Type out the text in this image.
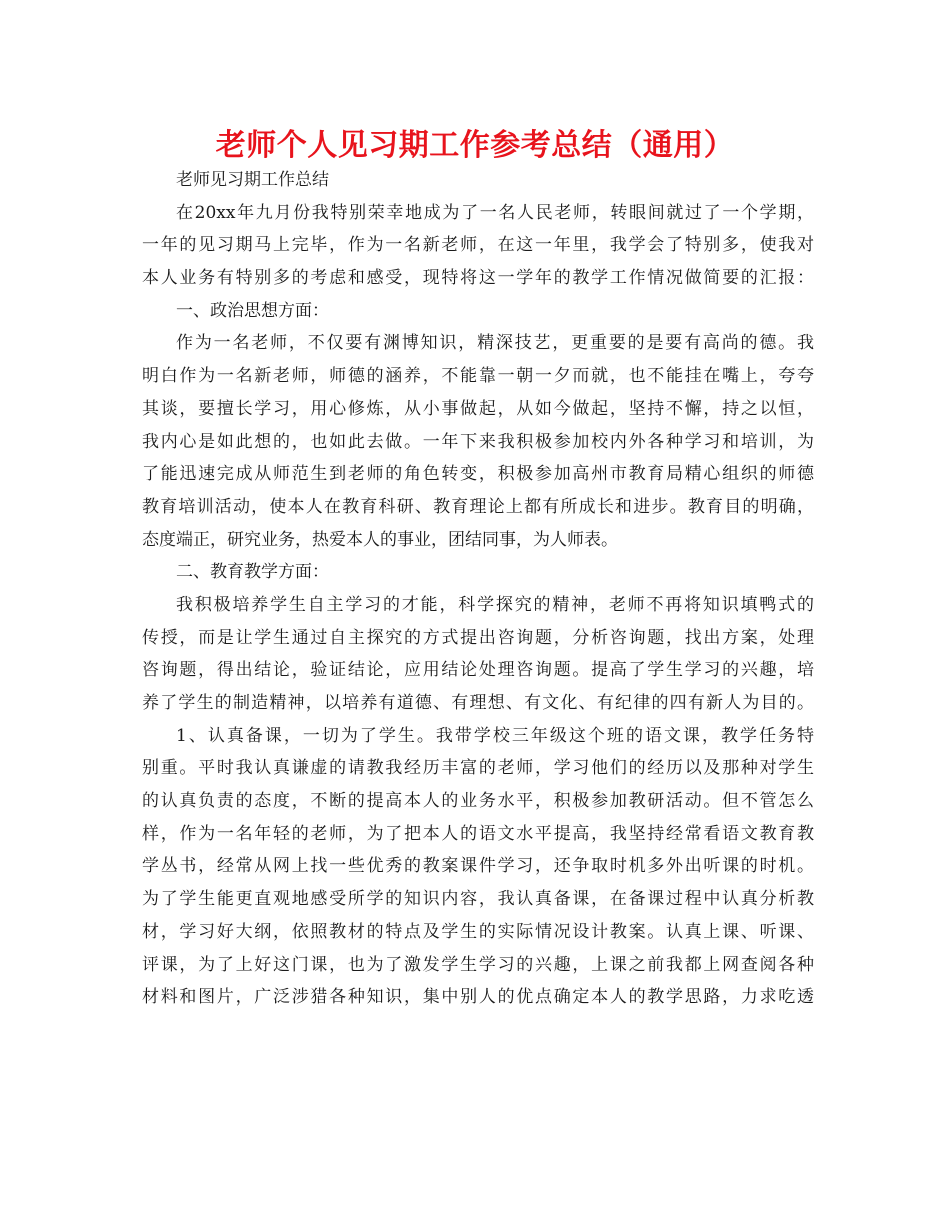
老师个人见习期工作参考总结（通用）
老师见习期工作总结
在20xx年九月份我特别荣幸地成为了一名人民老师，转眼间就过了一个学期，
一年的见习期马上完毕，作为一名新老师，在这一年里，我学会了特别多，使我对
本人业务有特别多的考虑和感受，现特将这一学年的教学工作情况做简要的汇报：
一、政治思想方面：
作为一名老师，不仅要有渊博知识，精深技艺，更重要的是要有高尚的德。我
明白作为一名新老师，师德的涵养，不能靠一朝一夕而就，也不能挂在嘴上，夸夸
其谈，要擅长学习，用心修炼，从小事做起，从如今做起，坚持不懈，持之以恒，
我内心是如此想的，也如此去做。一年下来我积极参加校内外各种学习和培训，为
了能迅速完成从师范生到老师的角色转变，积极参加高州市教育局精心组织的师德
教育培训活动，使本人在教育科研、教育理论上都有所成长和进步。教育目的明确，
态度端正，研究业务，热爱本人的事业，团结同事，为人师表。
二、教育教学方面：
我积极培养学生自主学习的才能，科学探究的精神，老师不再将知识填鸭式的
传授，而是让学生通过自主探究的方式提出咨询题，分析咨询题，找出方案，处理
咨询题，得出结论，验证结论，应用结论处理咨询题。提高了学生学习的兴趣，培
养了学生的制造精神，以培养有道德、有理想、有文化、有纪律的四有新人为目的。
1、认真备课，一切为了学生。我带学校三年级这个班的语文课，教学任务特
别重。平时我认真谦虚的请教我经历丰富的老师，学习他们的经历以及那种对学生
的认真负责的态度，不断的提高本人的业务水平，积极参加教研活动。但不管怎么
样，作为一名年轻的老师，为了把本人的语文水平提高，我坚持经常看语文教育教
学丛书，经常从网上找一些优秀的教案课件学习，还争取时机多外出听课的时机。
为了学生能更直观地感受所学的知识内容，我认真备课，在备课过程中认真分析教
材，学习好大纲，依照教材的特点及学生的实际情况设计教案。认真上课、听课、
评课，为了上好这门课，也为了激发学生学习的兴趣，上课之前我都上网查阅各种
材料和图片，广泛涉猎各种知识，集中别人的优点确定本人的教学思路，力求吃透
